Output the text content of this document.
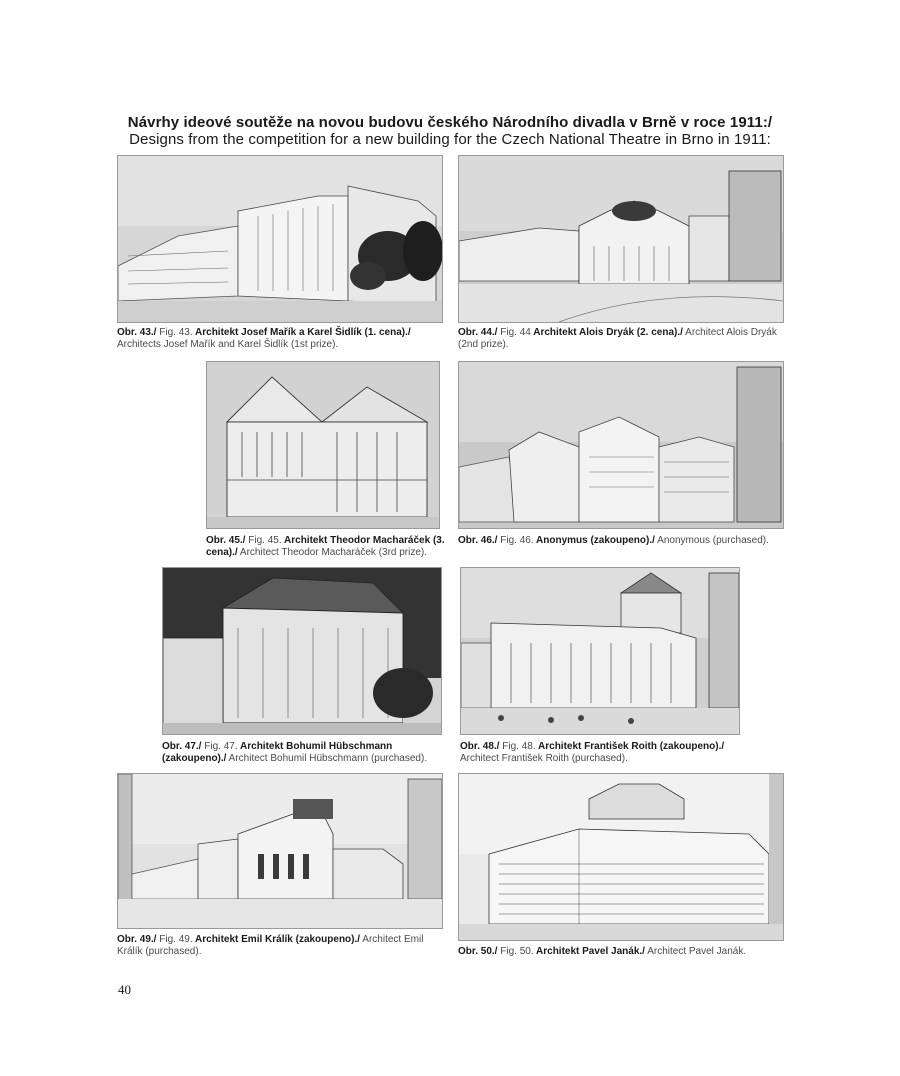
Návrhy ideové soutěže na novou budovu českého Národního divadla v Brně v roce 1911:/
Designs from the competition for a new building for the Czech National Theatre in Brno in 1911:
Obr. 43./ Fig. 43. Architekt Josef Mařík a Karel Šidlík (1. cena)./ Architects Josef Mařík and Karel Šidlík (1st prize).
Obr. 44./ Fig. 44 Architekt Alois Dryák (2. cena)./ Architect Alois Dryák (2nd prize).
Obr. 45./ Fig. 45. Architekt Theodor Macharáček (3. cena)./ Architect Theodor Macharáček (3rd prize).
Obr. 46./ Fig. 46. Anonymus (zakoupeno)./ Anonymous (purchased).
Obr. 47./ Fig. 47. Architekt Bohumil Hübschmann (zakoupeno)./ Architect Bohumil Hübschmann (purchased).
Obr. 48./ Fig. 48. Architekt František Roith (zakoupeno)./ Architect František Roith (purchased).
Obr. 49./ Fig. 49. Architekt Emil Králík (zakoupeno)./ Architect Emil Králík (purchased).	Obr. 50./ Fig. 50. Architekt Pavel Janák./ Architect Pavel Janák.
40
